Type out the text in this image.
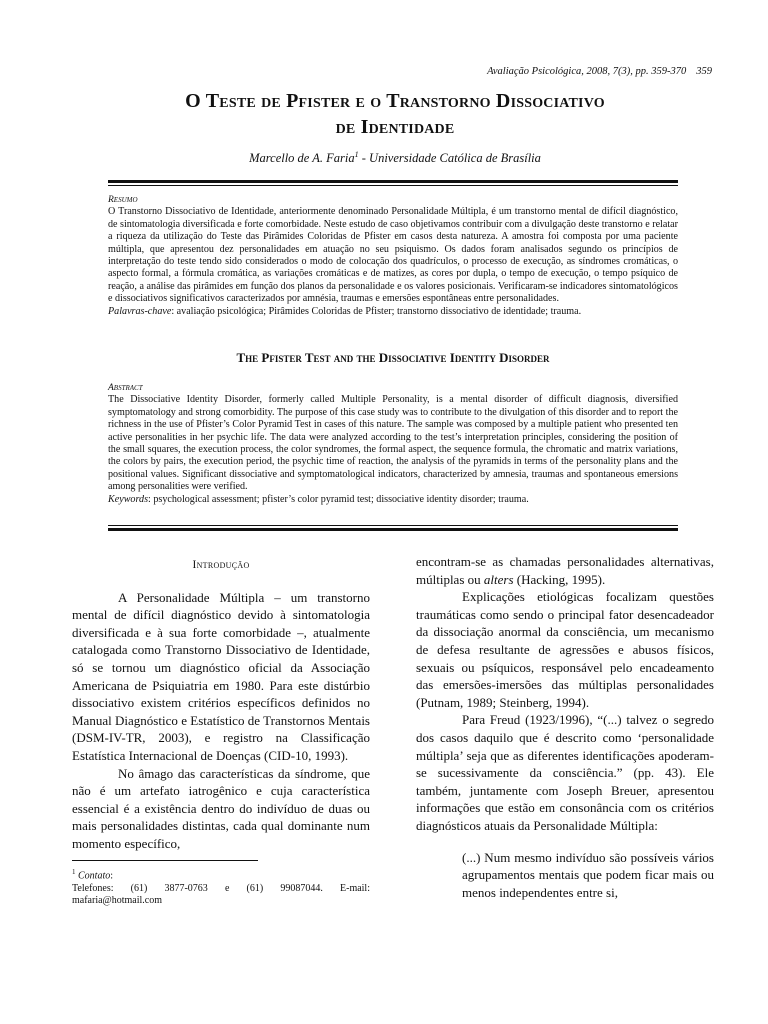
Avaliação Psicológica, 2008, 7(3), pp. 359-370 359
O Teste de Pfister e o Transtorno Dissociativo
de Identidade
Marcello de A. Faria$^1$ - Universidade Católica de Brasília
Resumo
O Transtorno Dissociativo de Identidade, anteriormente denominado Personalidade Múltipla, é um transtorno mental de difícil diagnóstico, de sintomatologia diversificada e forte comorbidade. Neste estudo de caso objetivamos contribuir com a divulgação deste transtorno e relatar a riqueza da utilização do Teste das Pirâmides Coloridas de Pfister em casos desta natureza. A amostra foi composta por uma paciente múltipla, que apresentou dez personalidades em atuação no seu psiquismo. Os dados foram analisados segundo os princípios de interpretação do teste tendo sido considerados o modo de colocação dos quadrículos, o processo de execução, as síndromes cromáticas, o aspecto formal, a fórmula cromática, as variações cromáticas e de matizes, as cores por dupla, o tempo de execução, o tempo psíquico de reação, a análise das pirâmides em função dos planos da personalidade e os valores posicionais. Verificaram-se indicadores sintomatológicos e dissociativos significativos caracterizados por amnésia, traumas e emersões espontâneas entre personalidades.
Palavras-chave: avaliação psicológica; Pirâmides Coloridas de Pfister; transtorno dissociativo de identidade; trauma.
The Pfister Test and the Dissociative Identity Disorder
Abstract
The Dissociative Identity Disorder, formerly called Multiple Personality, is a mental disorder of difficult diagnosis, diversified symptomatology and strong comorbidity. The purpose of this case study was to contribute to the divulgation of this disorder and to report the richness in the use of Pfister’s Color Pyramid Test in cases of this nature. The sample was composed by a multiple patient who presented ten active personalities in her psychic life. The data were analyzed according to the test’s interpretation principles, considering the position of the small squares, the execution process, the color syndromes, the formal aspect, the sequence formula, the chromatic and matrix variations, the colors by pairs, the execution period, the psychic time of reaction, the analysis of the pyramids in terms of the personality plans and the positional values. Significant dissociative and symptomatological indicators, characterized by amnesia, traumas and spontaneous emersions among personalities were verified.
Keywords: psychological assessment; pfister’s color pyramid test; dissociative identity disorder; trauma.
Introdução

A Personalidade Múltipla – um transtorno mental de difícil diagnóstico devido à sintomatologia diversificada e à sua forte comorbidade –, atualmente catalogada como Transtorno Dissociativo de Identidade, só se tornou um diagnóstico oficial da Associação Americana de Psiquiatria em 1980. Para este distúrbio dissociativo existem critérios específicos definidos no Manual Diagnóstico e Estatístico de Transtornos Mentais (DSM-IV-TR, 2003), e registro na Classificação Estatística Internacional de Doenças (CID-10, 1993).

No âmago das características da síndrome, que não é um artefato iatrogênico e cuja característica essencial é a existência dentro do indivíduo de duas ou mais personalidades distintas, cada qual dominante num momento específico,

encontram-se as chamadas personalidades alternativas, múltiplas ou alters (Hacking, 1995).

Explicações etiológicas focalizam questões traumáticas como sendo o principal fator desencadeador da dissociação anormal da consciência, um mecanismo de defesa resultante de agressões e abusos físicos, sexuais ou psíquicos, responsável pelo encadeamento das emersões-imersões das múltiplas personalidades (Putnam, 1989; Steinberg, 1994).

Para Freud (1923/1996), “(...) talvez o segredo dos casos daquilo que é descrito como ‘personalidade múltipla’ seja que as diferentes identificações apoderam-se sucessivamente da consciência.” (pp. 43). Ele também, juntamente com Joseph Breuer, apresentou informações que estão em consonância com os critérios diagnósticos atuais da Personalidade Múltipla:

(...) Num mesmo indivíduo são possíveis vários agrupamentos mentais que podem ficar mais ou menos independentes entre si,

$^1$ Contato:
Telefones: (61) 3877-0763 e (61) 99087044. E-mail: mafaria@hotmail.com
